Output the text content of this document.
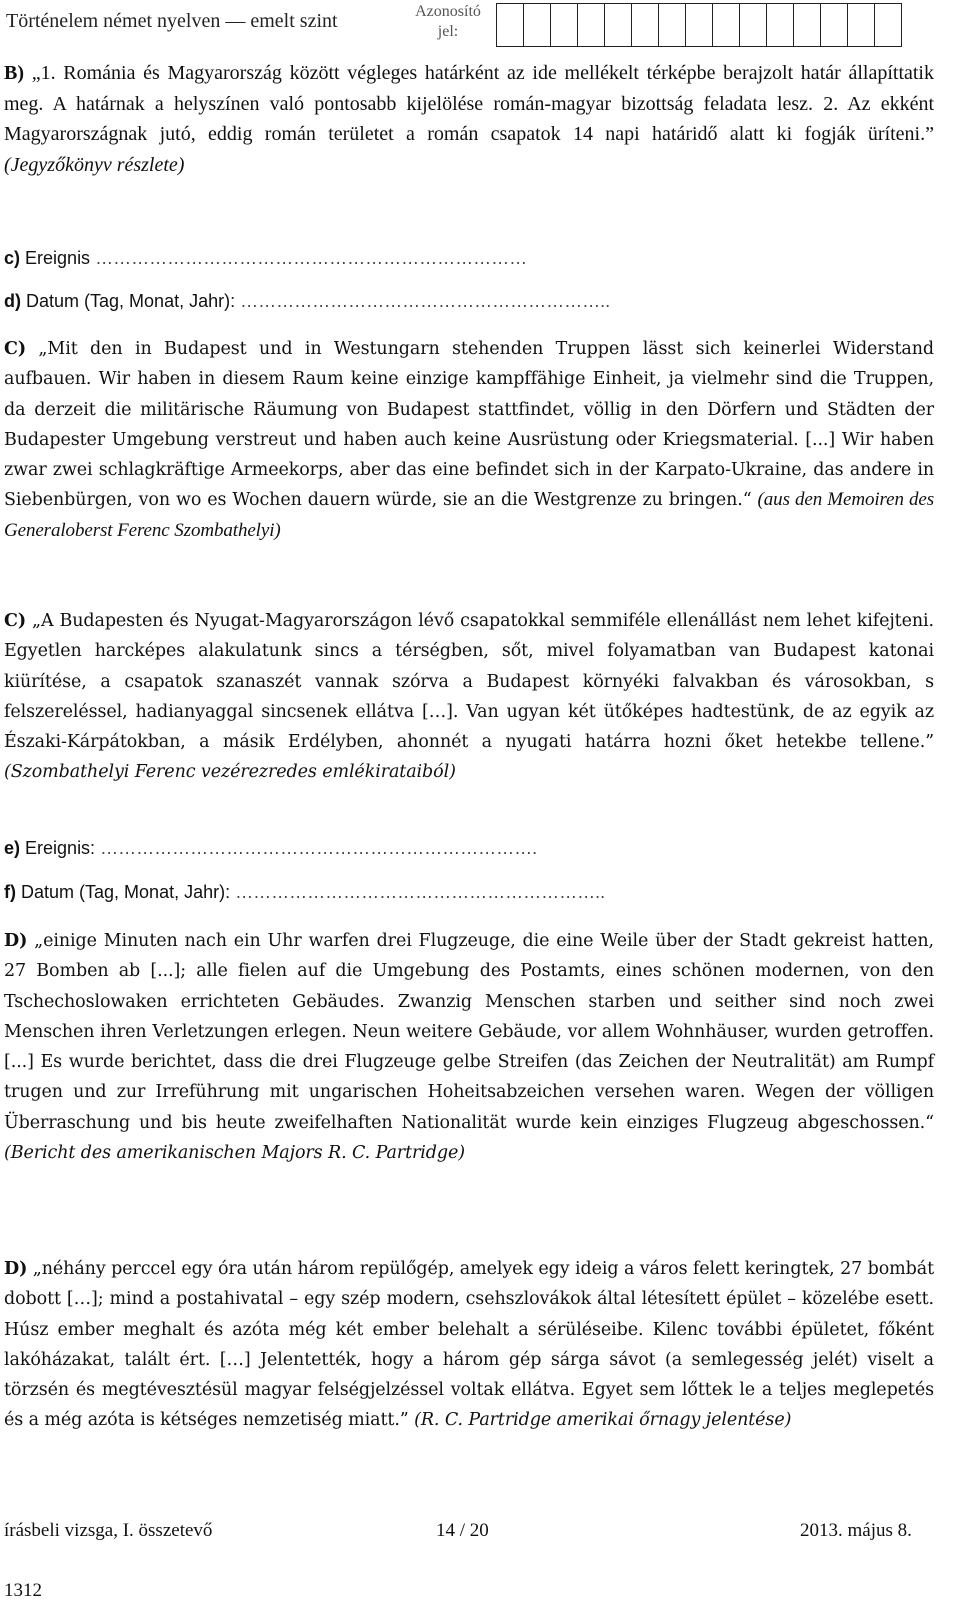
Történelem német nyelven — emelt szint	Azonosító jel:

B) „1. Románia és Magyarország között végleges határként az ide mellékelt térképbe berajzolt határ állapíttatik meg. A határnak a helyszínen való pontosabb kijelölése román-magyar bizottság feladata lesz. 2. Az ekként Magyarországnak jutó, eddig román területet a román csapatok 14 napi határidő alatt ki fogják üríteni.” (Jegyzőkönyv részlete)

c) Ereignis ………………………………………………………………
d) Datum (Tag, Monat, Jahr): ……………………………………………………..

C) „Mit den in Budapest und in Westungarn stehenden Truppen lässt sich keinerlei Widerstand aufbauen. Wir haben in diesem Raum keine einzige kampffähige Einheit, ja vielmehr sind die Truppen, da derzeit die militärische Räumung von Budapest stattfindet, völlig in den Dörfern und Städten der Budapester Umgebung verstreut und haben auch keine Ausrüstung oder Kriegsmaterial. [...] Wir haben zwar zwei schlagkräftige Armeekorps, aber das eine befindet sich in der Karpato-Ukraine, das andere in Siebenbürgen, von wo es Wochen dauern würde, sie an die Westgrenze zu bringen.“ (aus den Memoiren des Generaloberst Ferenc Szombathelyi)

C) „A Budapesten és Nyugat-Magyarországon lévő csapatokkal semmiféle ellenállást nem lehet kifejteni. Egyetlen harcképes alakulatunk sincs a térségben, sőt, mivel folyamatban van Budapest katonai kiürítése, a csapatok szanaszét vannak szórva a Budapest környéki falvakban és városokban, s felszereléssel, hadianyaggal sincsenek ellátva […]. Van ugyan két ütőképes hadtestünk, de az egyik az Északi-Kárpátokban, a másik Erdélyben, ahonnét a nyugati határra hozni őket hetekbe tellene.” (Szombathelyi Ferenc vezérezredes emlékirataiból)

e) Ereignis: ……………………………………………………………….
f) Datum (Tag, Monat, Jahr): ……………………………………………………..

D) „einige Minuten nach ein Uhr warfen drei Flugzeuge, die eine Weile über der Stadt gekreist hatten, 27 Bomben ab [...]; alle fielen auf die Umgebung des Postamts, eines schönen modernen, von den Tschechoslowaken errichteten Gebäudes. Zwanzig Menschen starben und seither sind noch zwei Menschen ihren Verletzungen erlegen. Neun weitere Gebäude, vor allem Wohnhäuser, wurden getroffen. [...] Es wurde berichtet, dass die drei Flugzeuge gelbe Streifen (das Zeichen der Neutralität) am Rumpf trugen und zur Irreführung mit ungarischen Hoheitsabzeichen versehen waren. Wegen der völligen Überraschung und bis heute zweifelhaften Nationalität wurde kein einziges Flugzeug abgeschossen.“ (Bericht des amerikanischen Majors R. C. Partridge)

D) „néhány perccel egy óra után három repülőgép, amelyek egy ideig a város felett keringtek, 27 bombát dobott […]; mind a postahivatal – egy szép modern, csehszlovákok által létesített épület – közelébe esett. Húsz ember meghalt és azóta még két ember belehalt a sérüléseibe. Kilenc további épületet, főként lakóházakat, talált ért. […] Jelentették, hogy a három gép sárga sávot (a semlegesség jelét) viselt a törzsén és megtévesztésül magyar felségjelzéssel voltak ellátva. Egyet sem lőttek le a teljes meglepetés és a még azóta is kétséges nemzetiség miatt.” (R. C. Partridge amerikai őrnagy jelentése)

írásbeli vizsga, I. összetevő
1312
14 / 20	2013. május 8.
